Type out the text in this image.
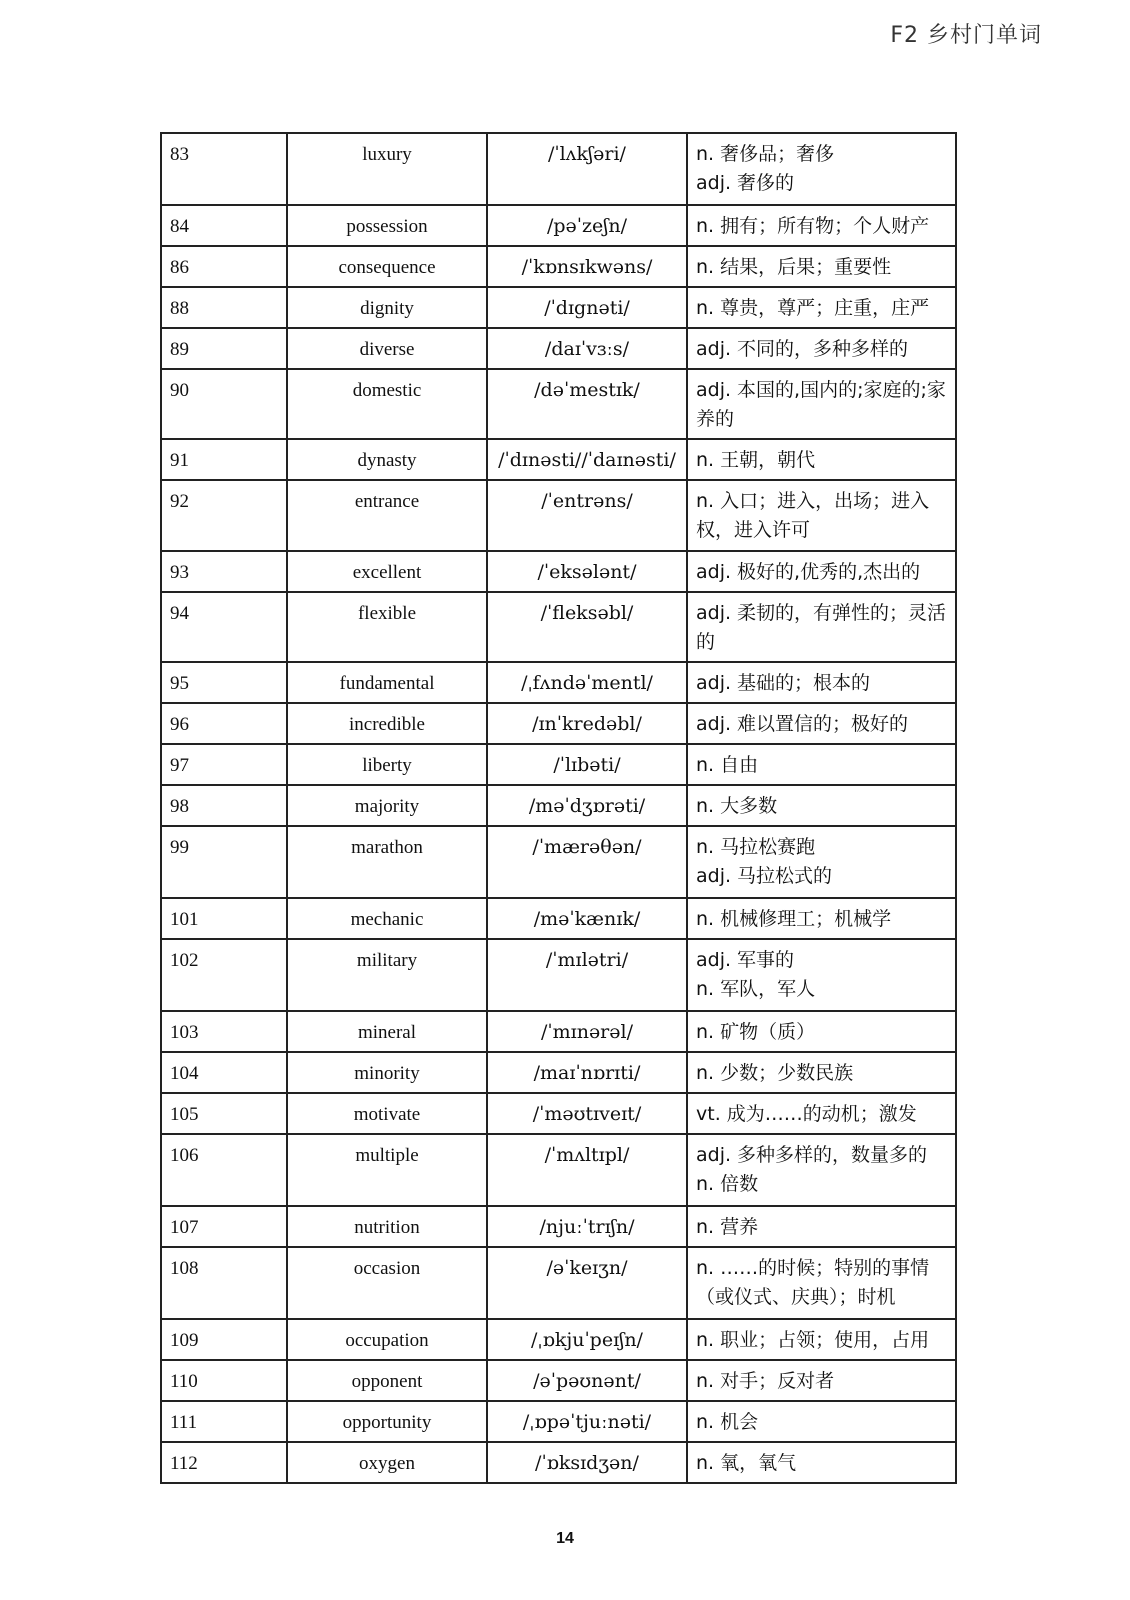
F2 乡村门单词
83	luxury	/ˈlʌkʃəri/	n. 奢侈品；奢侈
adj. 奢侈的

84	possession	/pəˈzeʃn/	n. 拥有；所有物；个人财产

86	consequence	/ˈkɒnsɪkwəns/	n. 结果，后果；重要性

88	dignity	/ˈdɪgnəti/	n. 尊贵，尊严；庄重，庄严

89	diverse	/daɪˈvɜːs/	adj. 不同的，多种多样的

90	domestic	/dəˈmestɪk/	adj. 本国的,国内的;家庭的;家养的

91	dynasty	/ˈdɪnəsti//ˈdaɪnəsti/	n. 王朝，朝代

92	entrance	/ˈentrəns/	n. 入口；进入，出场；进入权，进入许可

93	excellent	/ˈeksələnt/	adj. 极好的,优秀的,杰出的

94	flexible	/ˈfleksəbl/	adj. 柔韧的，有弹性的；灵活的

95	fundamental	/ˌfʌndəˈmentl/	adj. 基础的；根本的

96	incredible	/ɪnˈkredəbl/	adj. 难以置信的；极好的

97	liberty	/ˈlɪbəti/	n. 自由

98	majority	/məˈdʒɒrəti/	n. 大多数

99	marathon	/ˈmærəθən/	n. 马拉松赛跑
adj. 马拉松式的

101	mechanic	/məˈkænɪk/	n. 机械修理工；机械学

102	military	/ˈmɪlətri/	adj. 军事的
n. 军队，军人

103	mineral	/ˈmɪnərəl/	n. 矿物（质）

104	minority	/maɪˈnɒrɪti/	n. 少数；少数民族

105	motivate	/ˈməʊtɪveɪt/	vt. 成为……的动机；激发

106	multiple	/ˈmʌltɪpl/	adj. 多种多样的，数量多的
n. 倍数

107	nutrition	/njuːˈtrɪʃn/	n. 营养

108	occasion	/əˈkeɪʒn/	n. ……的时候；特别的事情（或仪式、庆典）；时机

109	occupation	/ˌɒkjuˈpeɪʃn/	n. 职业；占领；使用，占用

110	opponent	/əˈpəʊnənt/	n. 对手；反对者

111	opportunity	/ˌɒpəˈtjuːnəti/	n. 机会

112	oxygen	/ˈɒksɪdʒən/	n. 氧，氧气
14
